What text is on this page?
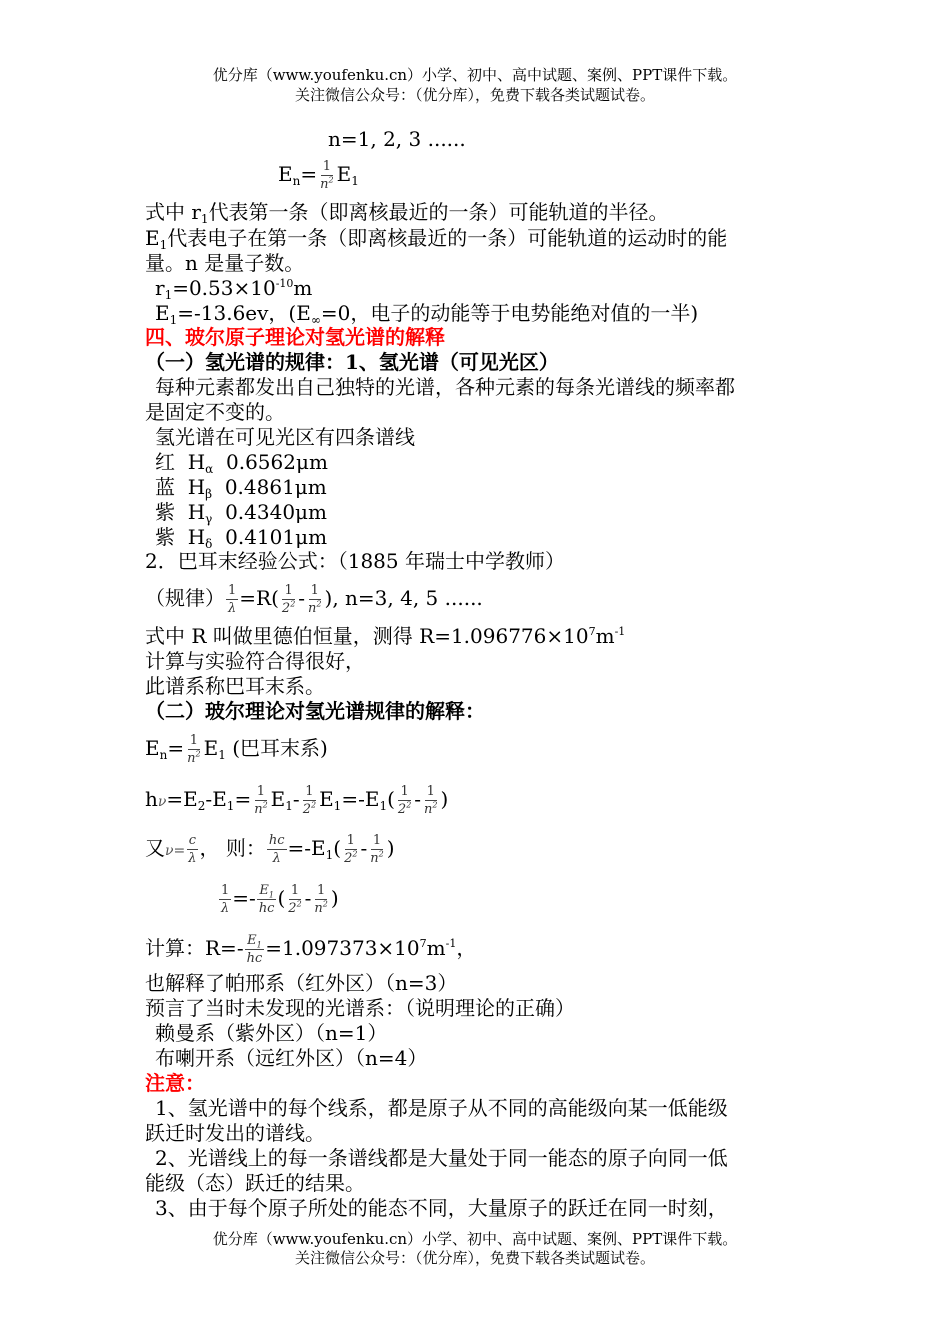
优分库（www.youfenku.cn）小学、初中、高中试题、案例、PPT课件下载。
关注微信公众号：（优分库），免费下载各类试题试卷。
n=1, 2, 3 ......
$E_n= \frac{1}{n^2} E_1$
式中 $r_1$代表第一条（即离核最近的一条）可能轨道的半径。
$E_1$代表电子在第一条（即离核最近的一条）可能轨道的运动时的能
量。n 是量子数。
$r_1=0.53\times 10^{-10}m$
$E_1=-13.6ev$，($E_\infty=0$，电子的动能等于电势能绝对值的一半)
四、玻尔原子理论对氢光谱的解释
（一）氢光谱的规律：1、氢光谱（可见光区）
每种元素都发出自己独特的光谱，各种元素的每条光谱线的频率都
是固定不变的。
氢光谱在可见光区有四条谱线
红 $H_\alpha$ 0.6562μm
蓝 $H_\beta$ 0.4861μm
紫 $H_\gamma$ 0.4340μm
紫 $H_\delta$ 0.4101μm
2．巴耳末经验公式：（1885 年瑞士中学教师）
（规律） $\frac{1}{\lambda} =R( \frac{1}{2^2} - \frac{1}{n^2}$ ), n=3, 4, 5 ......
式中 R 叫做里德伯恒量，测得 $R=1.096776\times 10^7m^{-1}$
计算与实验符合得很好，
此谱系称巴耳末系。
（二）玻尔理论对氢光谱规律的解释：
$E_n= \frac{1}{n^2} E_1$ (巴耳末系)
$h\nu=E_2-E_1= \frac{1}{n^2} E_1- \frac{1}{2^2} E_1=-E_1( \frac{1}{2^2} - \frac{1}{n^2}$ )
又$\nu= \frac{c}{\lambda}$ ， 则： $\frac{hc}{\lambda} =-E_1( \frac{1}{2^2} - \frac{1}{n^2}$ )
$\frac{1}{\lambda} =- \frac{E_1}{hc}$ ( $\frac{1}{2^2} - \frac{1}{n^2}$ )
计算：$R=- \frac{E_1}{hc} =1.097373\times 10^7m^{-1}$，
也解释了帕邢系（红外区）（n=3）
预言了当时未发现的光谱系：（说明理论的正确）
赖曼系（紫外区）（n=1）
布喇开系（远红外区）（n=4）
注意：
1、氢光谱中的每个线系，都是原子从不同的高能级向某一低能级
跃迁时发出的谱线。
2、光谱线上的每一条谱线都是大量处于同一能态的原子向同一低
能级（态）跃迁的结果。
3、由于每个原子所处的能态不同，大量原子的跃迁在同一时刻，
优分库（www.youfenku.cn）小学、初中、高中试题、案例、PPT课件下载。
关注微信公众号：（优分库），免费下载各类试题试卷。
